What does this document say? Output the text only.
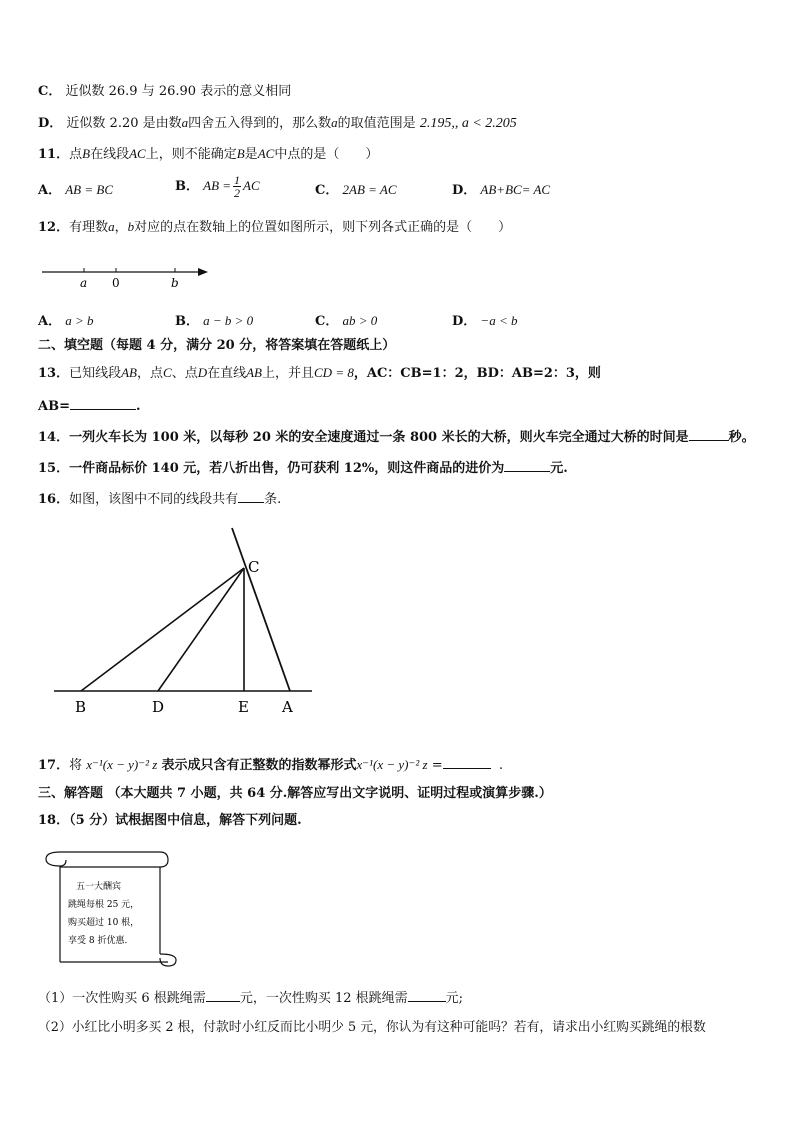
C． 近似数 26.9 与 26.90 表示的意义相同
D． 近似数 2.20 是由数a四舍五入得到的，那么数a的取值范围是 2.195,, a < 2.205
11．点B在线段AC上，则不能确定B是AC中点的是（　　）
A． AB = BC	B． AB = $\frac{1}{2}$ AC	C． 2AB = AC	D． AB+BC= AC
12．有理数a，b对应的点在数轴上的位置如图所示，则下列各式正确的是（　　）
a 0	b
A． a > b	B． a − b > 0	C． ab > 0	D． −a < b
二、填空题（每题 4 分，满分 20 分，将答案填在答题纸上）
13．已知线段AB，点C、点D在直线AB上，并且CD = 8，AC：CB=1：2，BD：AB=2：3，则
AB=	.
14．一列火车长为 100 米，以每秒 20 米的安全速度通过一条 800 米长的大桥，则火车完全通过大桥的时间是	秒。
15．一件商品标价 140 元，若八折出售，仍可获利 12%，则这件商品的进价为	元.
16．如图，该图中不同的线段共有 条.
C
B	D	E A
17．将 x⁻¹(x − y)⁻² z 表示成只含有正整数的指数幂形式x⁻¹(x − y)⁻² z =	.
三、解答题 （本大题共 7 小题，共 64 分.解答应写出文字说明、证明过程或演算步骤.）
18．（5 分）试根据图中信息，解答下列问题.
五一大酬宾
跳绳每根 25 元，
购买超过 10 根，
享受 8 折优惠．
（1）一次性购买 6 根跳绳需	元，一次性购买 12 根跳绳需	元;
（2）小红比小明多买 2 根，付款时小红反而比小明少 5 元，你认为有这种可能吗？若有，请求出小红购买跳绳的根数
